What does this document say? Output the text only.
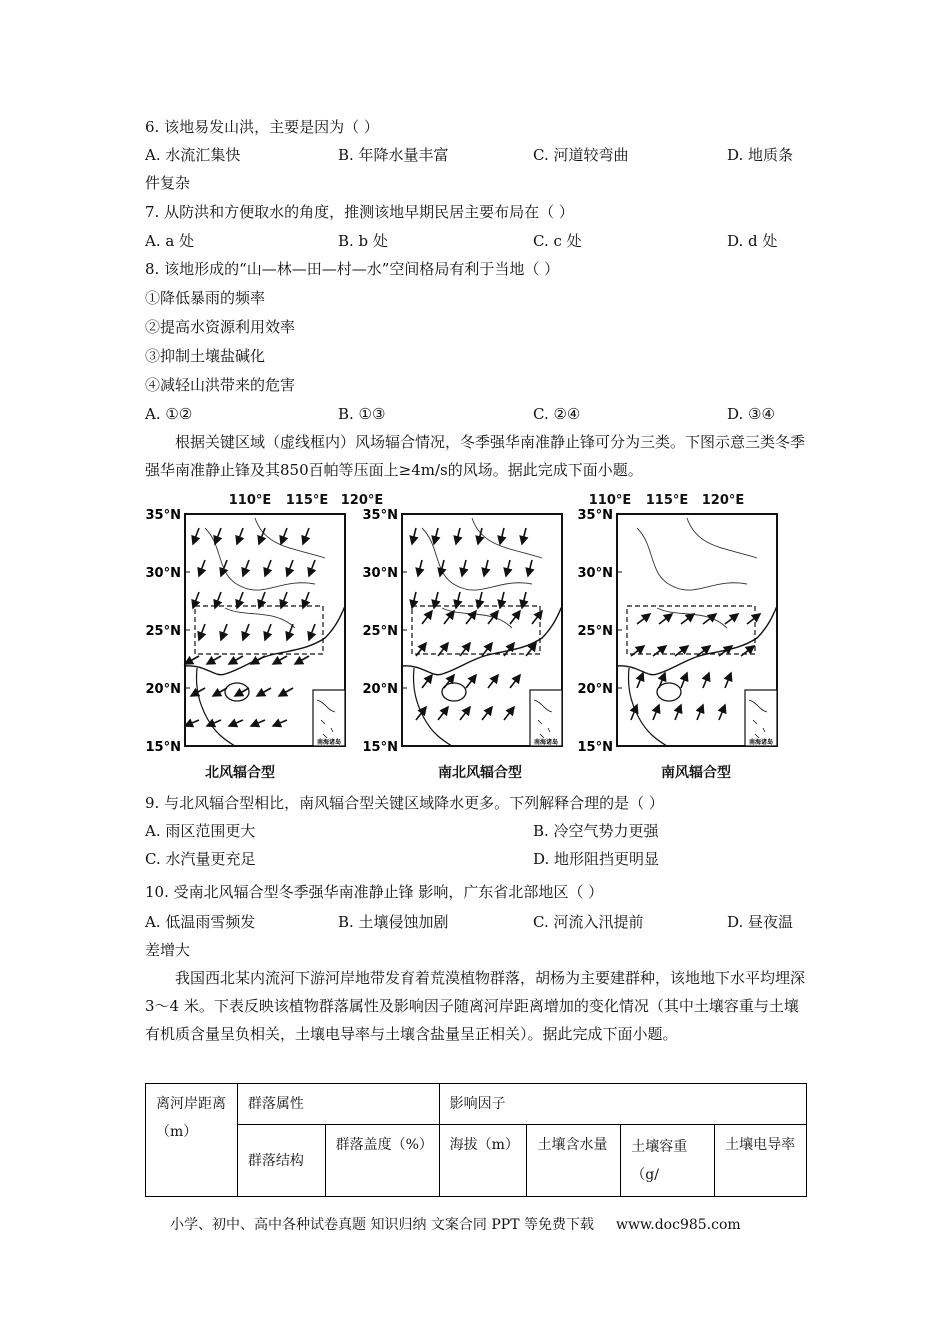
6. 该地易发山洪，主要是因为（ ）
A. 水流汇集快	B. 年降水量丰富	C. 河道较弯曲	D. 地质条
件复杂
7. 从防洪和方便取水的角度，推测该地早期民居主要布局在（ ）
A. a 处	B. b 处	C. c 处	D. d 处
8. 该地形成的“山—林—田—村—水”空间格局有利于当地（ ）
①降低暴雨的频率
②提高水资源利用效率
③抑制土壤盐碱化
④减轻山洪带来的危害
A. ①②	B. ①③	C. ②④	D. ③④

根据关键区域（虚线框内）风场辐合情况，冬季强华南准静止锋可分为三类。下图示意三类冬季强华南准静止锋及其850百帕等压面上≥4m/s的风场。据此完成下面小题。

110°E 115°E 120°E
110°E 115°E 120°E
35°N
30°N
25°N
20°N
15°N	南海诸岛
35°N
30°N
25°N
20°N
15°N	南海诸岛
35°N
30°N
25°N
20°N
15°N	南海诸岛
北风辐合型	南北风辐合型	南风辐合型
9. 与北风辐合型相比，南风辐合型关键区域降水更多。下列解释合理的是（ ）
A. 雨区范围更大	B. 冷空气势力更强
C. 水汽量更充足	D. 地形阻挡更明显
10. 受南北风辐合型冬季强华南准静止锋 影响，广东省北部地区（ ）
A. 低温雨雪频发	B. 土壤侵蚀加剧	C. 河流入汛提前	D. 昼夜温
差增大

我国西北某内流河下游河岸地带发育着荒漠植物群落，胡杨为主要建群种，该地地下水平均埋深 3～4 米。下表反映该植物群落属性及影响因子随离河岸距离增加的变化情况（其中土壤容重与土壤有机质含量呈负相关，土壤电导率与土壤含盐量呈正相关）。据此完成下面小题。

离河岸距离（m）	群落属性		影响因子			
	群落结构	群落盖度（%）	海拔（m）	土壤含水量	土壤容重（g/	土壤电导率
小学、初中、高中各种试卷真题 知识归纳 文案合同 PPT 等免费下载 www.doc985.com
